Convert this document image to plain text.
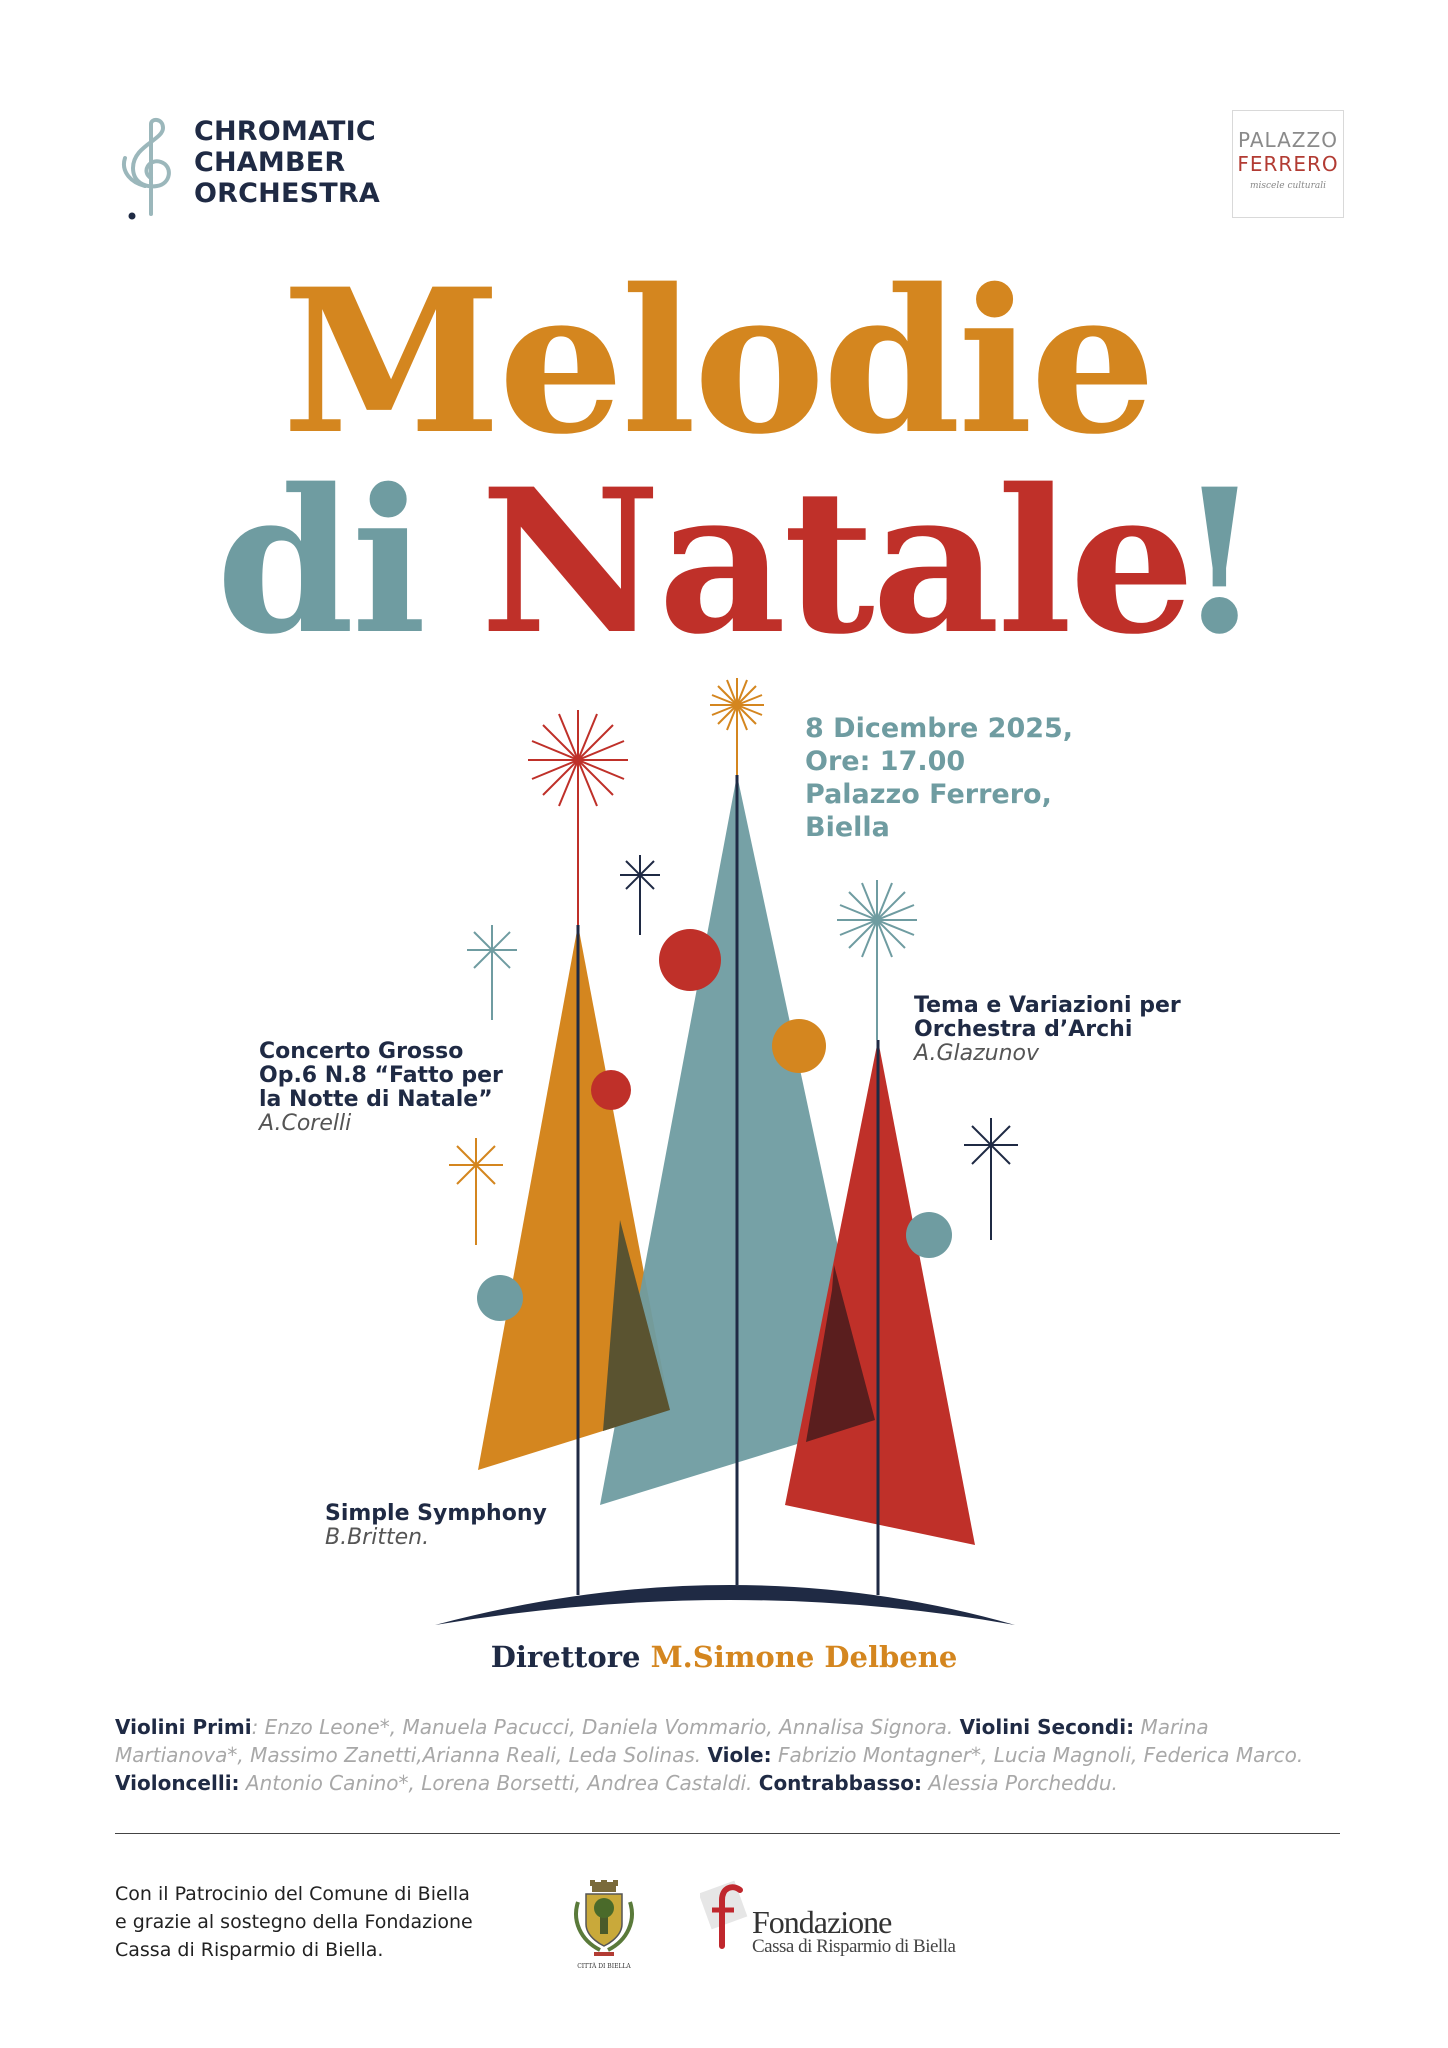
CHROMATIC
CHAMBER
ORCHESTRA
PALAZZO
FERRERO
miscele culturali
Melodie
di Natale
!
8 Dicembre 2025,
Ore: 17.00
Palazzo Ferrero,
Biella
Concerto Grosso
Op.6 N.8 “Fatto per
la Notte di Natale”
A.Corelli
Tema e Variazioni per
Orchestra d’Archi
A.Glazunov
Simple Symphony
B.Britten.
Direttore M.Simone Delbene
Violini Primi: Enzo Leone*, Manuela Pacucci, Daniela Vommario, Annalisa Signora. Violini Secondi: Marina Martianova*, Massimo Zanetti,Arianna Reali, Leda Solinas. Viole: Fabrizio Montagner*, Lucia Magnoli, Federica Marco. Violoncelli: Antonio Canino*, Lorena Borsetti, Andrea Castaldi. Contrabbasso: Alessia Porcheddu.
Con il Patrocinio del Comune di Biella
e grazie al sostegno della Fondazione
Cassa di Risparmio di Biella.
CITTÀ DI BIELLA
Fondazione
Cassa di Risparmio di Biella
